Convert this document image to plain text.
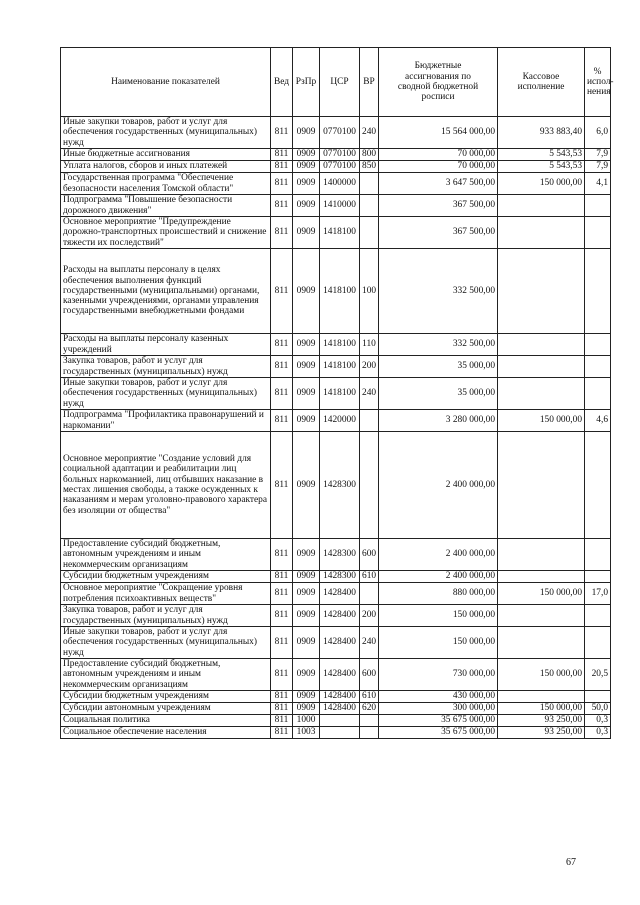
Наименование показателей	Вед	РзПр	ЦСР	ВР	Бюджетные ассигнования по сводной бюджетной росписи	Кассовое исполнение	% испол-нения
Иные закупки товаров, работ и услуг для обеспечения государственных (муниципальных) нужд	811	0909	0770100	240	15 564 000,00	933 883,40	6,0
Иные бюджетные ассигнования	811	0909	0770100	800	70 000,00	5 543,53	7,9
Уплата налогов, сборов и иных платежей	811	0909	0770100	850	70 000,00	5 543,53	7,9
Государственная программа "Обеспечение безопасности населения Томской области"	811	0909	1400000		3 647 500,00	150 000,00	4,1
Подпрограмма "Повышение безопасности дорожного движения"	811	0909	1410000		367 500,00		
Основное мероприятие "Предупреждение дорожно-транспортных происшествий и снижение тяжести их последствий"	811	0909	1418100		367 500,00		
Расходы на выплаты персоналу в целях обеспечения выполнения функций государственными (муниципальными) органами, казенными учреждениями, органами управления государственными внебюджетными фондами	811	0909	1418100	100	332 500,00		
Расходы на выплаты персоналу казенных учреждений	811	0909	1418100	110	332 500,00		
Закупка товаров, работ и услуг для государственных (муниципальных) нужд	811	0909	1418100	200	35 000,00		
Иные закупки товаров, работ и услуг для обеспечения государственных (муниципальных) нужд	811	0909	1418100	240	35 000,00		
Подпрограмма "Профилактика правонарушений и наркомании"	811	0909	1420000		3 280 000,00	150 000,00	4,6
Основное мероприятие "Создание условий для социальной адаптации и реабилитации лиц больных наркоманией, лиц отбывших наказание в местах лишения свободы, а также осужденных к наказаниям и мерам уголовно-правового характера без изоляции от общества"	811	0909	1428300		2 400 000,00		
Предоставление субсидий бюджетным, автономным учреждениям и иным некоммерческим организациям	811	0909	1428300	600	2 400 000,00		
Субсидии бюджетным учреждениям	811	0909	1428300	610	2 400 000,00		
Основное мероприятие "Сокращение уровня потребления психоактивных веществ"	811	0909	1428400		880 000,00	150 000,00	17,0
Закупка товаров, работ и услуг для государственных (муниципальных) нужд	811	0909	1428400	200	150 000,00		
Иные закупки товаров, работ и услуг для обеспечения государственных (муниципальных) нужд	811	0909	1428400	240	150 000,00		
Предоставление субсидий бюджетным, автономным учреждениям и иным некоммерческим организациям	811	0909	1428400	600	730 000,00	150 000,00	20,5
Субсидии бюджетным учреждениям	811	0909	1428400	610	430 000,00		
Субсидии автономным учреждениям	811	0909	1428400	620	300 000,00	150 000,00	50,0
Социальная политика	811	1000			35 675 000,00	93 250,00	0,3
Социальное обеспечение населения	811	1003			35 675 000,00	93 250,00	0,3
67
